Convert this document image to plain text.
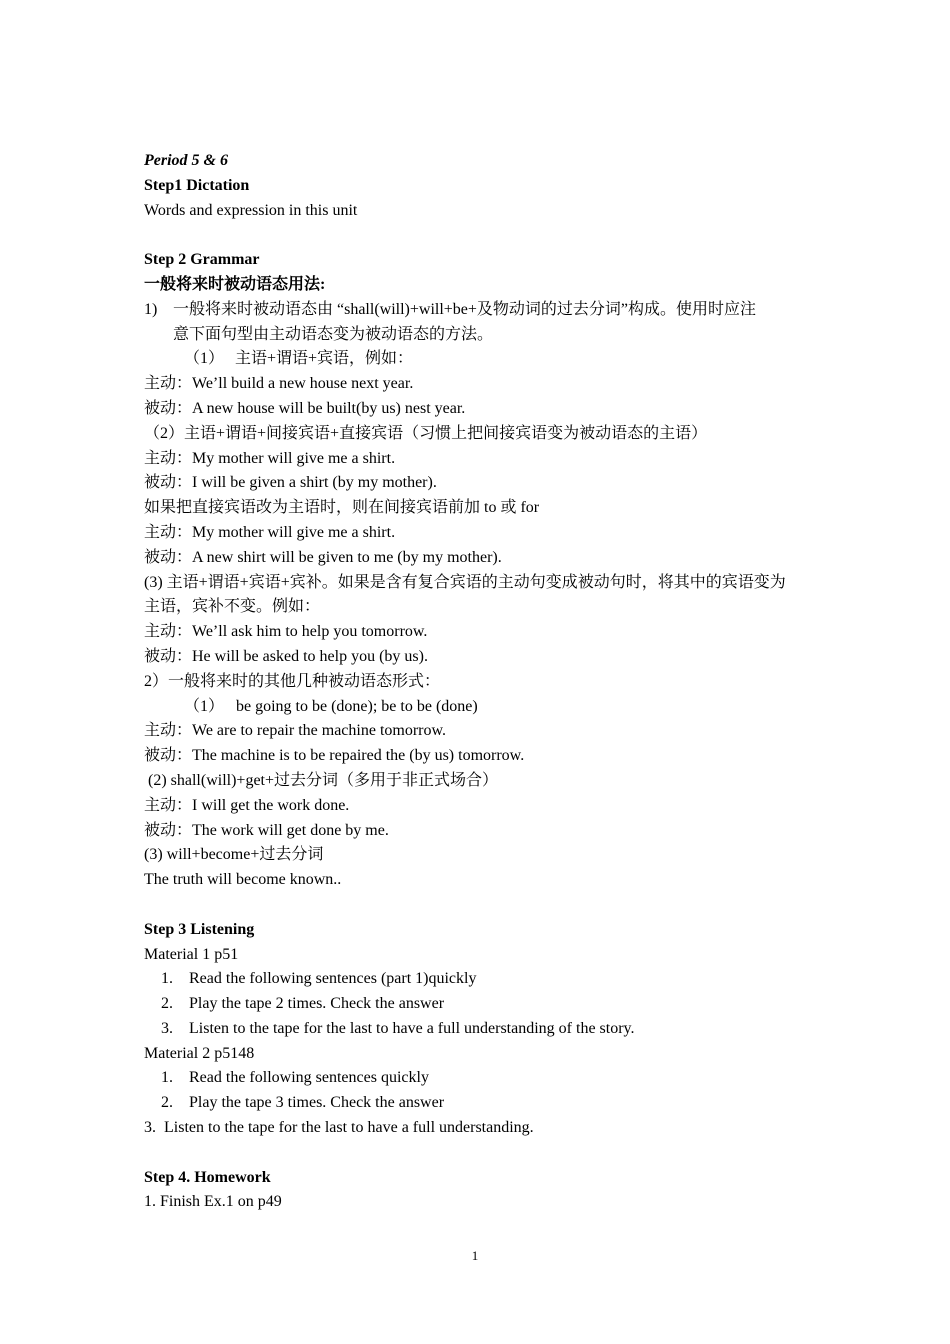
Period 5 & 6
Step1 Dictation
Words and expression in this unit
Step 2 Grammar
一般将来时被动语态用法:
1) 一般将来时被动语态由 “shall(will)+will+be+及物动词的过去分词”构成。使用时应注
意下面句型由主动语态变为被动语态的方法。
（1） 主语+谓语+宾语，例如：
主动：We’ll build a new house next year.
被动：A new house will be built(by us) nest year.
（2）主语+谓语+间接宾语+直接宾语（习惯上把间接宾语变为被动语态的主语）
主动：My mother will give me a shirt.
被动：I will be given a shirt (by my mother).
如果把直接宾语改为主语时，则在间接宾语前加 to 或 for
主动：My mother will give me a shirt.
被动：A new shirt will be given to me (by my mother).
(3) 主语+谓语+宾语+宾补。如果是含有复合宾语的主动句变成被动句时，将其中的宾语变为
主语，宾补不变。例如：
主动：We’ll ask him to help you tomorrow.
被动：He will be asked to help you (by us).
2）一般将来时的其他几种被动语态形式：
（1） be going to be (done); be to be (done)
主动：We are to repair the machine tomorrow.
被动：The machine is to be repaired the (by us) tomorrow.
(2) shall(will)+get+过去分词（多用于非正式场合）
主动：I will get the work done.
被动：The work will get done by me.
(3) will+become+过去分词
The truth will become known..
Step 3 Listening
Material 1 p51
1. Read the following sentences (part 1)quickly
2. Play the tape 2 times. Check the answer
3. Listen to the tape for the last to have a full understanding of the story.
Material 2 p5148
1. Read the following sentences quickly
2. Play the tape 3 times. Check the answer
3.  Listen to the tape for the last to have a full understanding.
Step 4. Homework
1. Finish Ex.1 on p49
1
